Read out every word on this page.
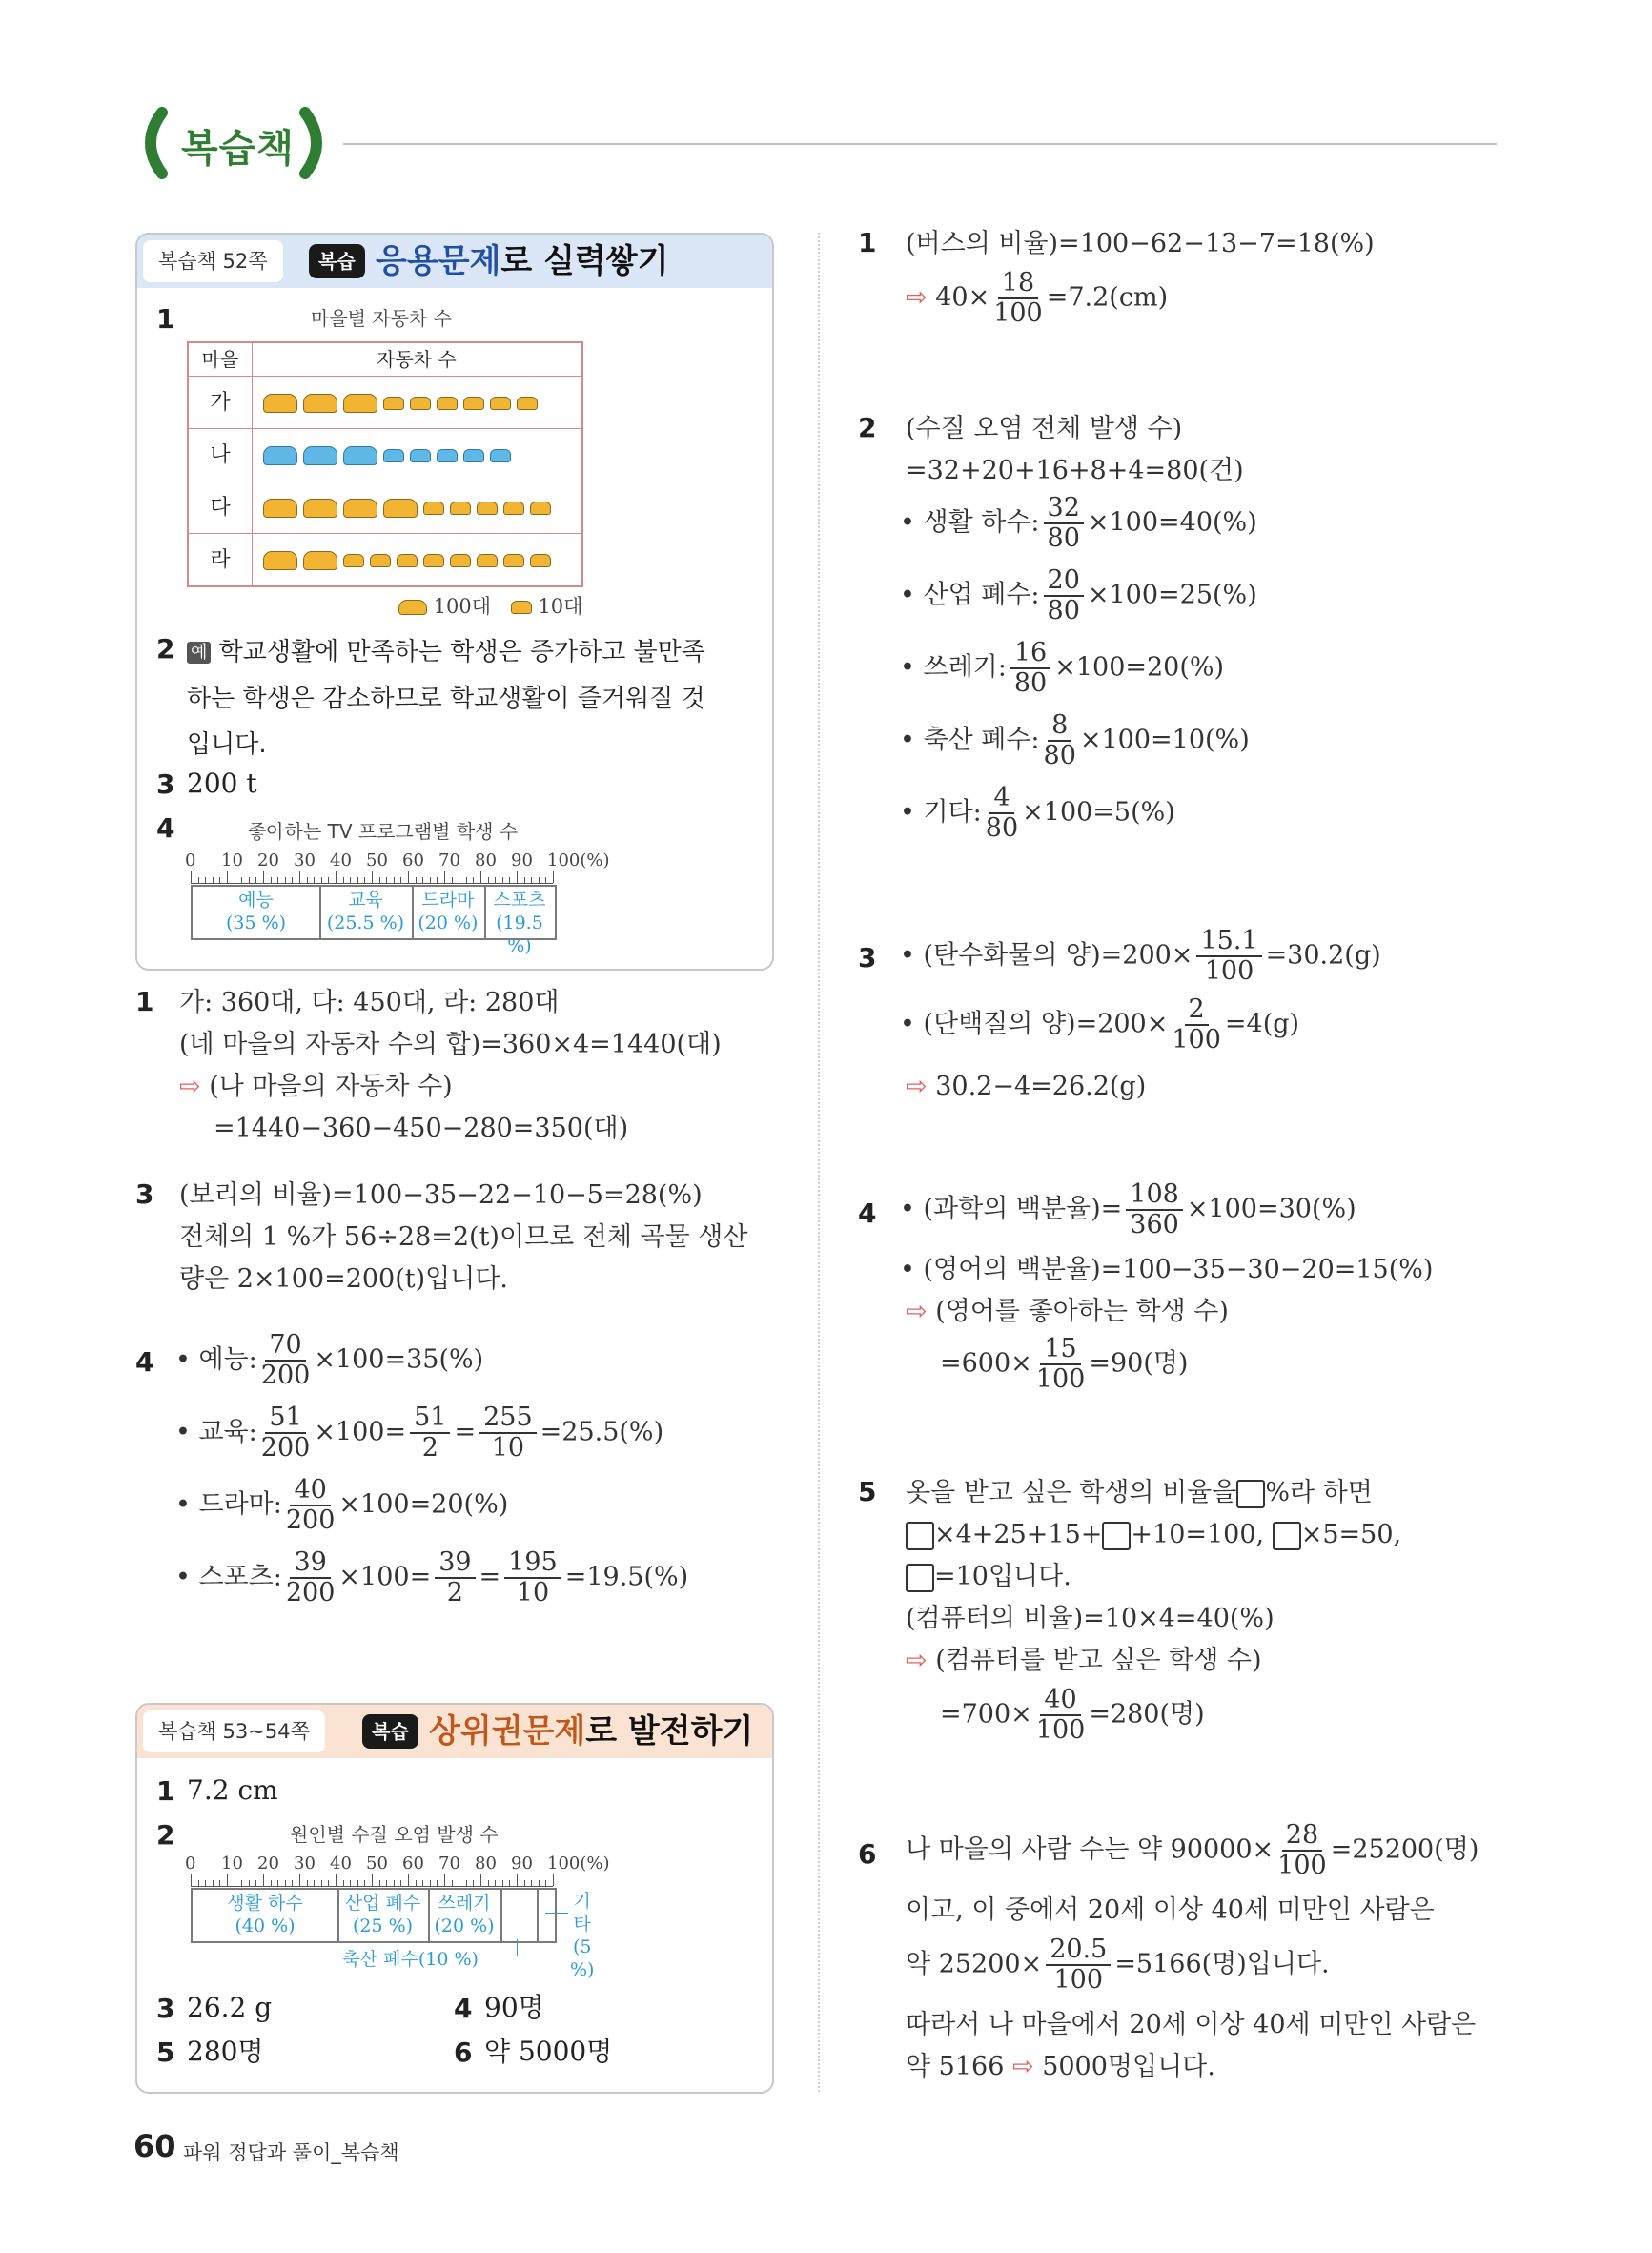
복습책
복습책 52쪽	복습 응용문제로 실력쌓기
1	마을별 자동차 수
마을	자동차 수
가
나
다
라
100대 10대
2 예 학교생활에 만족하는 학생은 증가하고 불만족
하는 학생은 감소하므로 학교생활이 즐거워질 것
입니다.
3 200 t
4	좋아하는 TV 프로그램별 학생 수
0 10 20 30 40 50 60 70 80 90 100(%)
예능
(35 %)
교육
(25.5 %)
드라마
(20 %)
스포츠
(19.5 %)
1 가: 360대, 다: 450대, 라: 280대
(네 마을의 자동차 수의 합)=360×4=1440(대)
⇨ (나 마을의 자동차 수)
=1440−360−450−280=350(대)
3 (보리의 비율)=100−35−22−10−5=28(%)
전체의 1 %가 56÷28=2(t)이므로 전체 곡물 생산
량은 2×100=200(t)입니다.
4 • 예능: $\frac{70}{200} \times 100=35(\%)$
• 교육: $\frac{51}{200} \times 100= \frac{51}{2} = \frac{255}{10} =25.5(\%)$
• 드라마: $\frac{40}{200} \times 100=20(\%)$
• 스포츠: $\frac{39}{200} \times 100= \frac{39}{2} = \frac{195}{10} =19.5(\%)$
복습책 53~54쪽	복습 상위권문제로 발전하기
1 7.2 cm
2	원인별 수질 오염 발생 수
0 10 20 30 40 50 60 70 80 90 100(%)
생활 하수
(40 %)
산업 폐수
(25 %)
쓰레기
(20 %)
기타
(5 %)
축산 폐수(10 %)
3 26.2 g	4 90명
5 280명	6 약 5000명
1 (버스의 비율)=100−62−13−7=18(%)
⇨ $40\times \frac{18}{100} =7.2(cm)$
2 (수질 오염 전체 발생 수)
=32+20+16+8+4=80(건)
• 생활 하수: $\frac{32}{80} \times 100=40(\%)$
• 산업 폐수: $\frac{20}{80} \times 100=25(\%)$
• 쓰레기: $\frac{16}{80} \times 100=20(\%)$
• 축산 폐수: $\frac{8}{80} \times 100=10(\%)$
• 기타: $\frac{4}{80} \times 100=5(\%)$
3 • (탄수화물의 양)$=200\times \frac{15.1}{100} =30.2(g)$
• (단백질의 양)$=200\times \frac{2}{100} =4(g)$
⇨ 30.2−4=26.2(g)
4 • (과학의 백분율)= $\frac{108}{360} \times 100=30(\%)$
• (영어의 백분율)=100−35−30−20=15(%)
⇨ (영어를 좋아하는 학생 수)
$=600\times \frac{15}{100} =90$(명)
5 옷을 받고 싶은 학생의 비율을 %라 하면
×4+25+15+ +10=100, ×5=50,
=10입니다.
(컴퓨터의 비율)=10×4=40(%)
⇨ (컴퓨터를 받고 싶은 학생 수)
$=700\times \frac{40}{100} =280$(명)
6 나 마을의 사람 수는 약 $90000\times \frac{28}{100} =25200$(명)
이고, 이 중에서 20세 이상 40세 미만인 사람은
약 $25200\times \frac{20.5}{100} =5166$(명)입니다.
따라서 나 마을에서 20세 이상 40세 미만인 사람은
약 5166 ⇨ 5000명입니다.
60 파워 정답과 풀이_복습책
